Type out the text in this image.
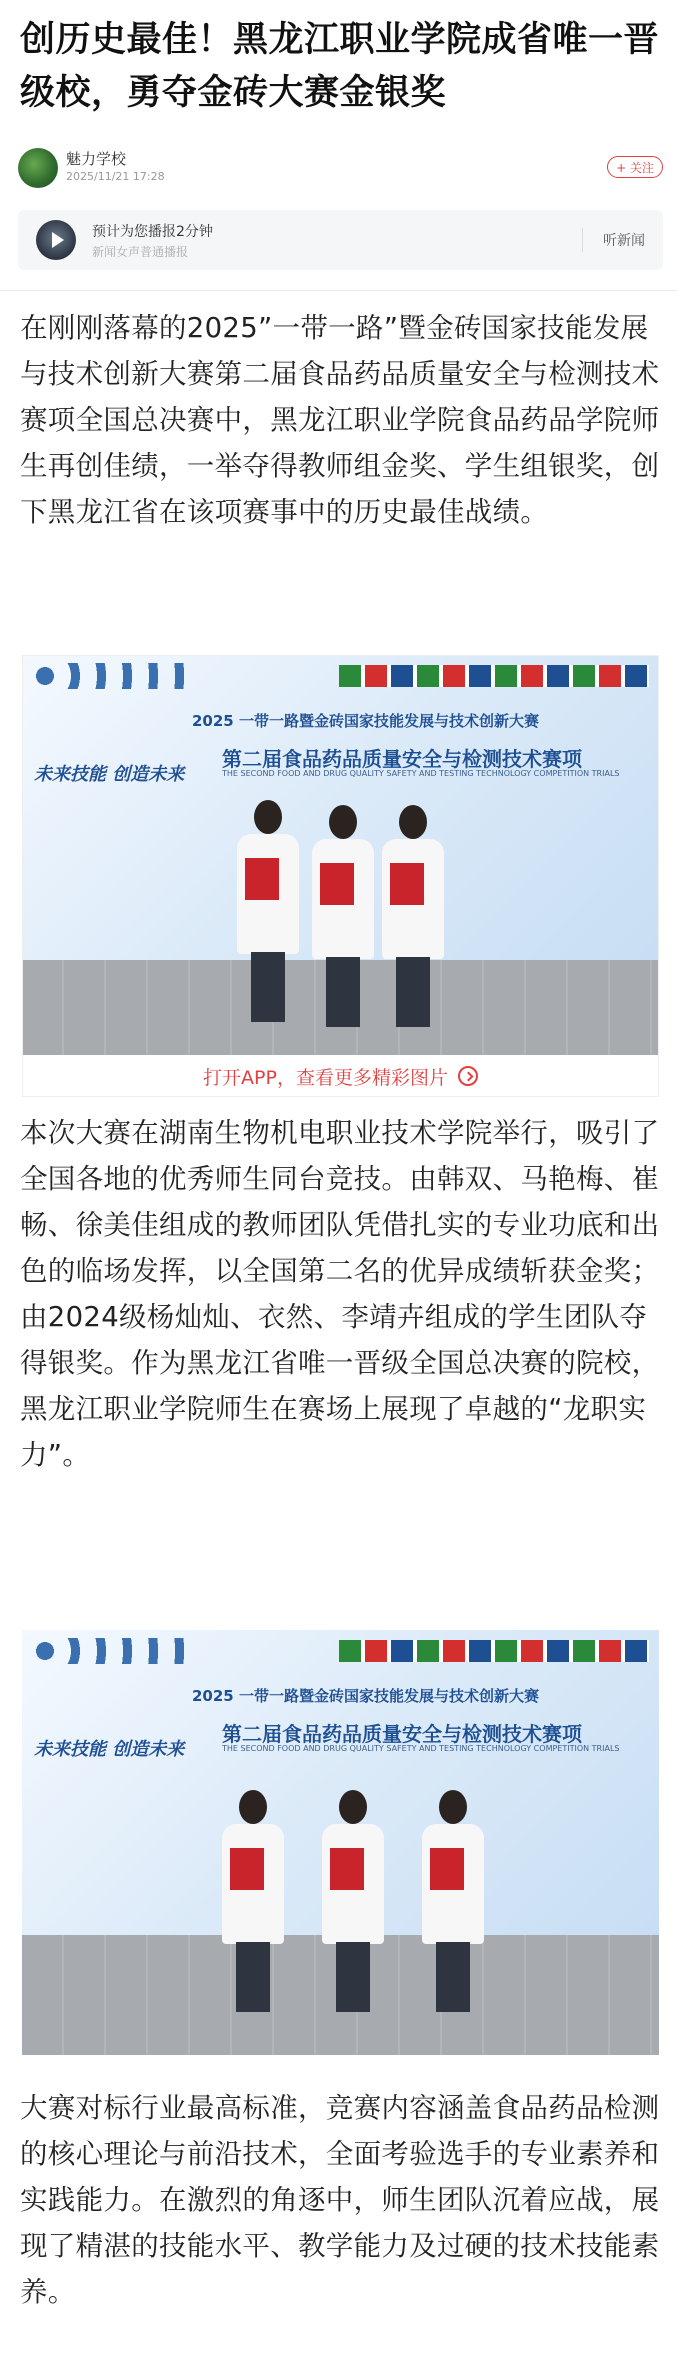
创历史最佳！黑龙江职业学院成省唯一晋级校，勇夺金砖大赛金银奖
魅力学校
2025/11/21 17:28
+ 关注
预计为您播报2分钟
新闻女声普通播报
听新闻

在刚刚落幕的2025”一带一路”暨金砖国家技能发展与技术创新大赛第二届食品药品质量安全与检测技术赛项全国总决赛中，黑龙江职业学院食品药品学院师生再创佳绩，一举夺得教师组金奖、学生组银奖，创下黑龙江省在该项赛事中的历史最佳战绩。

未来技能 创造未来
2025 一带一路暨金砖国家技能发展与技术创新大赛
第二届食品药品质量安全与检测技术赛项
THE SECOND FOOD AND DRUG QUALITY SAFETY AND TESTING TECHNOLOGY COMPETITION TRIALS
打开APP，查看更多精彩图片

本次大赛在湖南生物机电职业技术学院举行，吸引了全国各地的优秀师生同台竞技。由韩双、马艳梅、崔畅、徐美佳组成的教师团队凭借扎实的专业功底和出色的临场发挥，以全国第二名的优异成绩斩获金奖；由2024级杨灿灿、衣然、李靖卉组成的学生团队夺得银奖。作为黑龙江省唯一晋级全国总决赛的院校，黑龙江职业学院师生在赛场上展现了卓越的“龙职实力”。

未来技能 创造未来
2025 一带一路暨金砖国家技能发展与技术创新大赛
第二届食品药品质量安全与检测技术赛项
THE SECOND FOOD AND DRUG QUALITY SAFETY AND TESTING TECHNOLOGY COMPETITION TRIALS

大赛对标行业最高标准，竞赛内容涵盖食品药品检测的核心理论与前沿技术，全面考验选手的专业素养和实践能力。在激烈的角逐中，师生团队沉着应战，展现了精湛的技能水平、教学能力及过硬的技术技能素养。
